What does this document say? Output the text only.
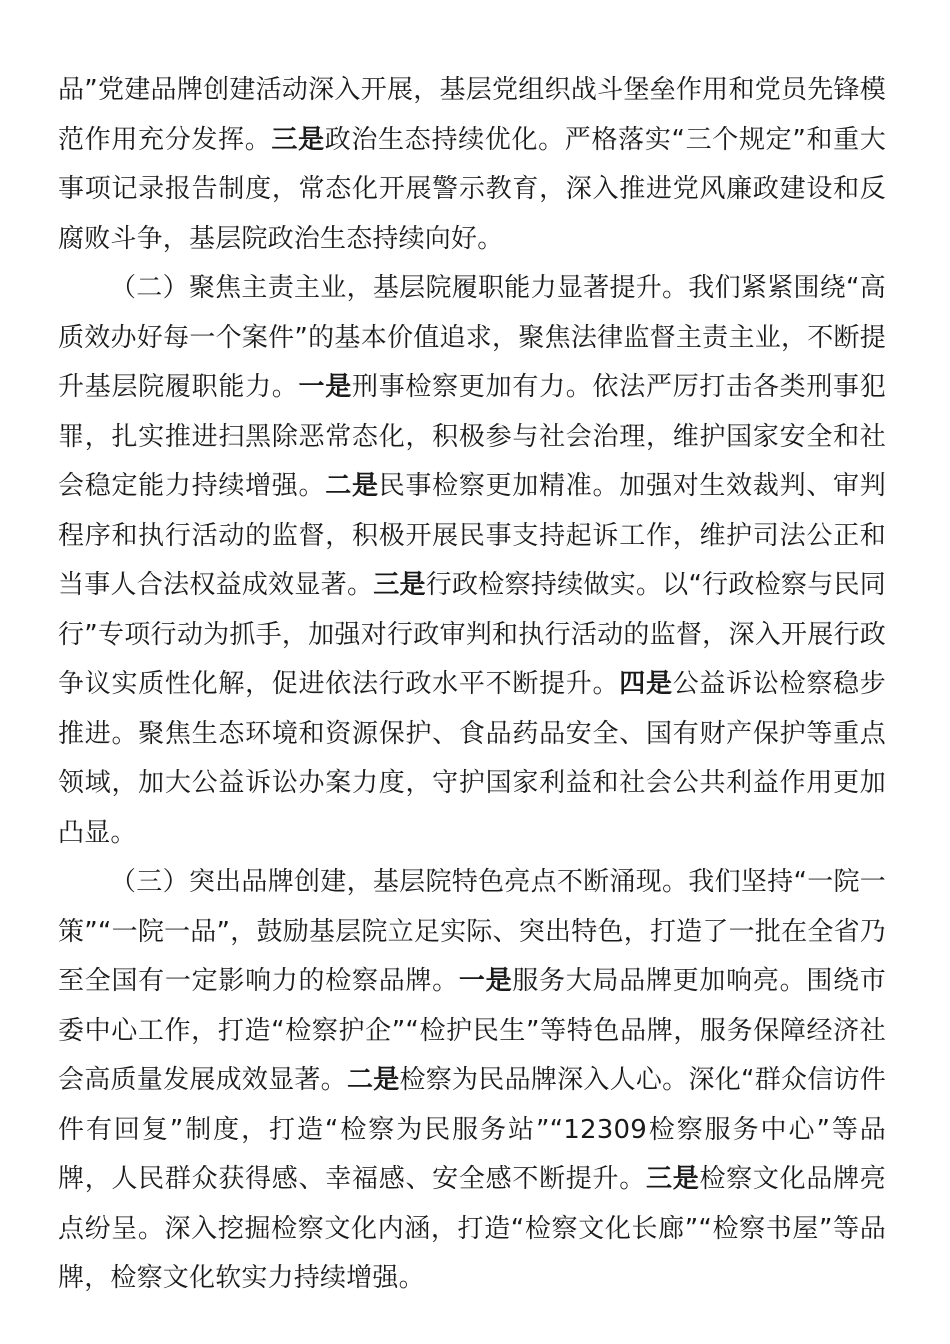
品”党建品牌创建活动深入开展，基层党组织战斗堡垒作用和党员先锋模范作用充分发挥。三是政治生态持续优化。严格落实“三个规定”和重大事项记录报告制度，常态化开展警示教育，深入推进党风廉政建设和反腐败斗争，基层院政治生态持续向好。

（二）聚焦主责主业，基层院履职能力显著提升。我们紧紧围绕“高质效办好每一个案件”的基本价值追求，聚焦法律监督主责主业，不断提升基层院履职能力。一是刑事检察更加有力。依法严厉打击各类刑事犯罪，扎实推进扫黑除恶常态化，积极参与社会治理，维护国家安全和社会稳定能力持续增强。二是民事检察更加精准。加强对生效裁判、审判程序和执行活动的监督，积极开展民事支持起诉工作，维护司法公正和当事人合法权益成效显著。三是行政检察持续做实。以“行政检察与民同行”专项行动为抓手，加强对行政审判和执行活动的监督，深入开展行政争议实质性化解，促进依法行政水平不断提升。四是公益诉讼检察稳步推进。聚焦生态环境和资源保护、食品药品安全、国有财产保护等重点领域，加大公益诉讼办案力度，守护国家利益和社会公共利益作用更加凸显。

（三）突出品牌创建，基层院特色亮点不断涌现。我们坚持“一院一策”“一院一品”，鼓励基层院立足实际、突出特色，打造了一批在全省乃至全国有一定影响力的检察品牌。一是服务大局品牌更加响亮。围绕市委中心工作，打造“检察护企”“检护民生”等特色品牌，服务保障经济社会高质量发展成效显著。二是检察为民品牌深入人心。深化“群众信访件件有回复”制度，打造“检察为民服务站”“12309检察服务中心”等品牌，人民群众获得感、幸福感、安全感不断提升。三是检察文化品牌亮点纷呈。深入挖掘检察文化内涵，打造“检察文化长廊”“检察书屋”等品牌，检察文化软实力持续增强。
